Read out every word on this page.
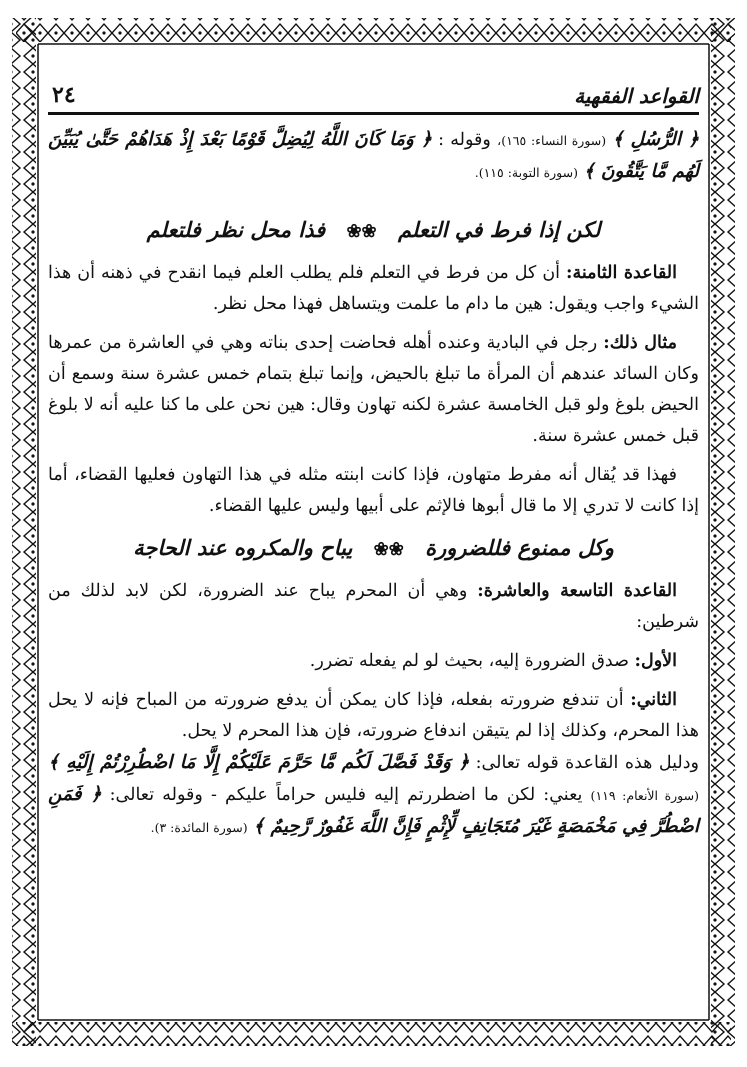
القواعد الفقهية
٢٤

﴿ الرُّسُلِ ﴾ (سورة النساء: ١٦٥)، وقوله : ﴿ وَمَا كَانَ اللَّهُ لِيُضِلَّ قَوْمًا بَعْدَ إِذْ هَدَاهُمْ حَتَّىٰ يُبَيِّنَ لَهُم مَّا يَتَّقُونَ ﴾ (سورة التوبة: ١١٥).

لكن إذا فرط في التعلم ❀❀ فذا محل نظر فلتعلم

القاعدة الثامنة: أن كل من فرط في التعلم فلم يطلب العلم فيما انقدح في ذهنه أن هذا الشيء واجب ويقول: هين ما دام ما علمت ويتساهل فهذا محل نظر.

مثال ذلك: رجل في البادية وعنده أهله فحاضت إحدى بناته وهي في العاشرة من عمرها وكان السائد عندهم أن المرأة ما تبلغ بالحيض، وإنما تبلغ بتمام خمس عشرة سنة وسمع أن الحيض بلوغ ولو قبل الخامسة عشرة لكنه تهاون وقال: هين نحن على ما كنا عليه أنه لا بلوغ قبل خمس عشرة سنة.

فهذا قد يُقال أنه مفرط متهاون، فإذا كانت ابنته مثله في هذا التهاون فعليها القضاء، أما إذا كانت لا تدري إلا ما قال أبوها فالإثم على أبيها وليس عليها القضاء.

وكل ممنوع فللضرورة ❀❀ يباح والمكروه عند الحاجة

القاعدة التاسعة والعاشرة: وهي أن المحرم يباح عند الضرورة، لكن لابد لذلك من شرطين:

الأول: صدق الضرورة إليه، بحيث لو لم يفعله تضرر.

الثاني: أن تندفع ضرورته بفعله، فإذا كان يمكن أن يدفع ضرورته من المباح فإنه لا يحل هذا المحرم، وكذلك إذا لم يتيقن اندفاع ضرورته، فإن هذا المحرم لا يحل.

ودليل هذه القاعدة قوله تعالى: ﴿ وَقَدْ فَصَّلَ لَكُم مَّا حَرَّمَ عَلَيْكُمْ إِلَّا مَا اضْطُرِرْتُمْ إِلَيْهِ ﴾ (سورة الأنعام: ١١٩) يعني: لكن ما اضطررتم إليه فليس حراماً عليكم - وقوله تعالى: ﴿ فَمَنِ اضْطُرَّ فِي مَخْمَصَةٍ غَيْرَ مُتَجَانِفٍ لِّإِثْمٍ فَإِنَّ اللَّهَ غَفُورٌ رَّحِيمٌ ﴾ (سورة المائدة: ٣).
